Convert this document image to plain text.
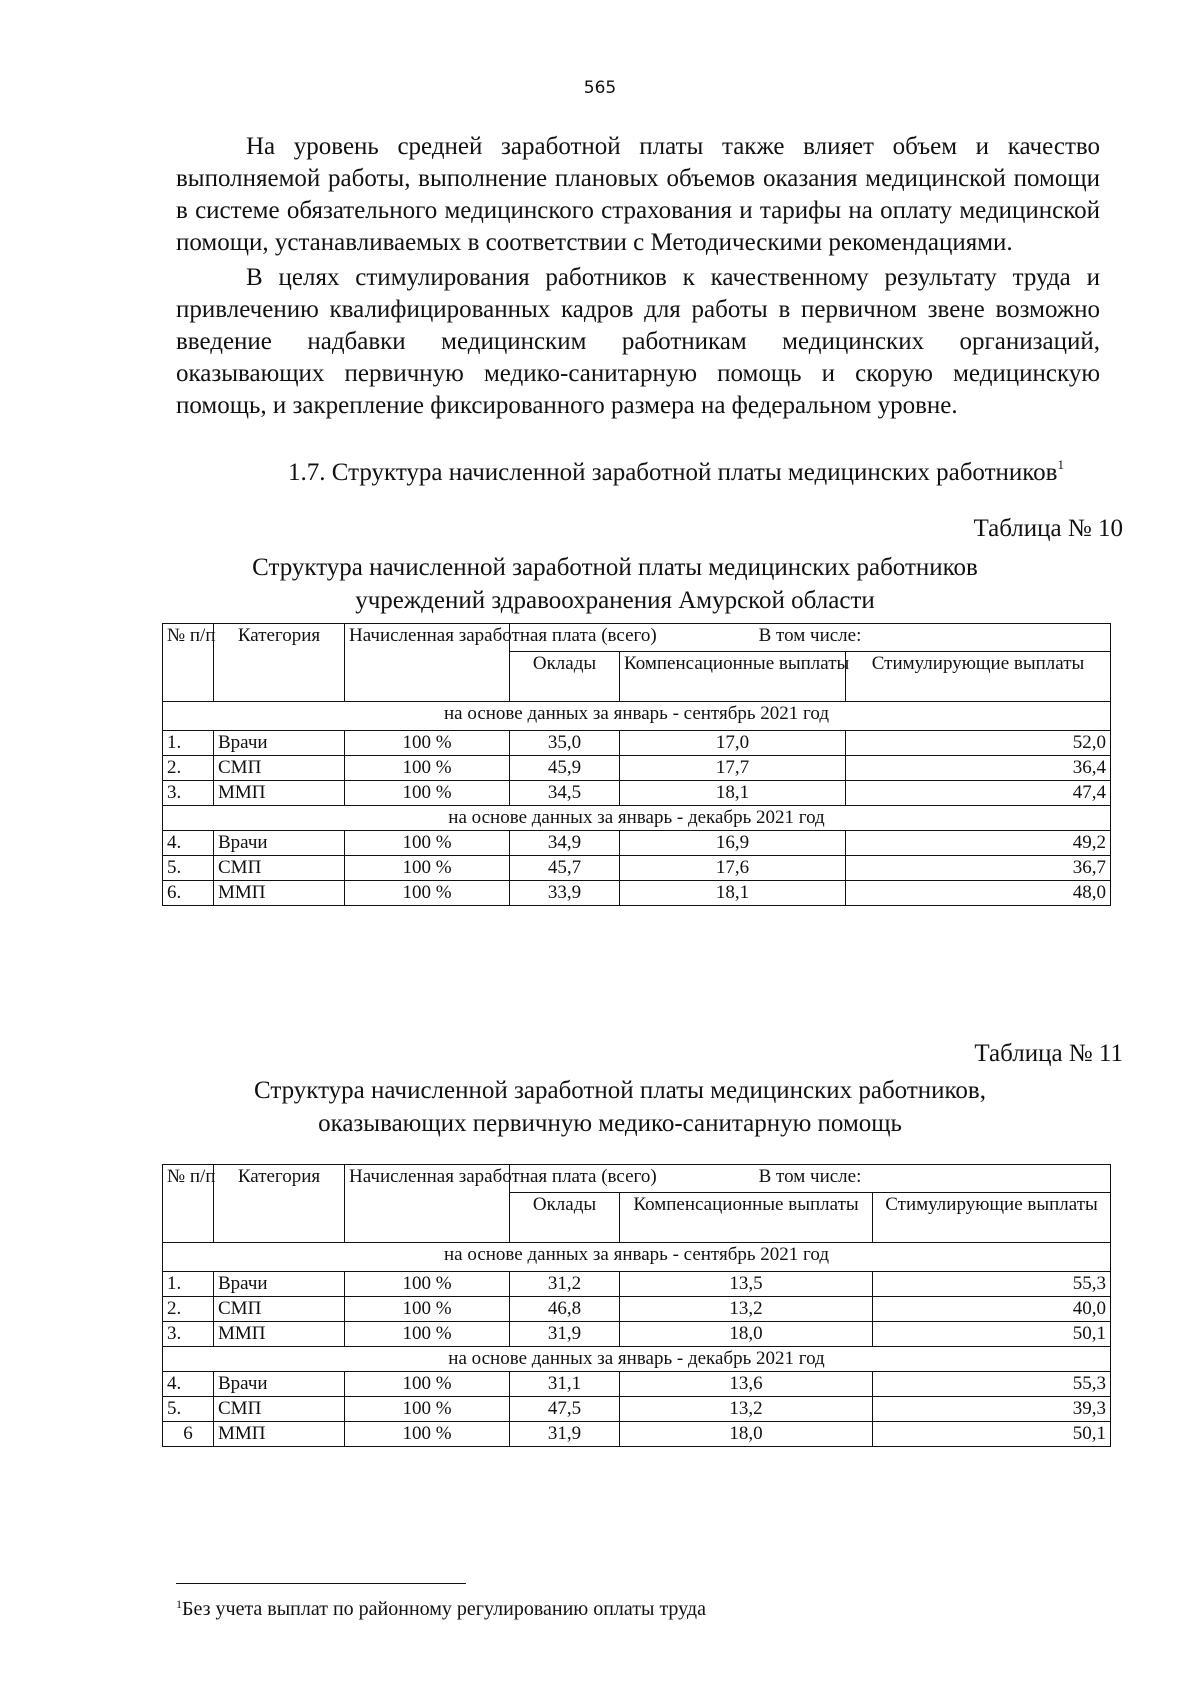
565

На уровень средней заработной платы также влияет объем и качество выполняемой работы, выполнение плановых объемов оказания медицинской помощи в системе обязательного медицинского страхования и тарифы на оплату медицинской помощи, устанавливаемых в соответствии с Методическими рекомендациями.

В целях стимулирования работников к качественному результату труда и привлечению квалифицированных кадров для работы в первичном звене возможно введение надбавки медицинским работникам медицинских организаций, оказывающих первичную медико-санитарную помощь и скорую медицинскую помощь, и закрепление фиксированного размера на федеральном уровне.

1.7. Структура начисленной заработной платы медицинских работников$^1$
Таблица № 10
Структура начисленной заработной платы медицинских работников
учреждений здравоохранения Амурской области
№ п/п	Категория	Начисленная заработная плата (всего)	В том числе:		
			Оклады	Компенсационные выплаты	Стимулирующие выплаты
на основе данных за январь - сентябрь 2021 год					
1.	Врачи	100 %	35,0	17,0	52,0
2.	СМП	100 %	45,9	17,7	36,4
3.	ММП	100 %	34,5	18,1	47,4
на основе данных за январь - декабрь 2021 год					
4.	Врачи	100 %	34,9	16,9	49,2
5.	СМП	100 %	45,7	17,6	36,7
6.	ММП	100 %	33,9	18,1	48,0
Таблица № 11
Структура начисленной заработной платы медицинских работников,
оказывающих первичную медико-санитарную помощь
№ п/п	Категория	Начисленная заработная плата (всего)	В том числе:		
			Оклады	Компенсационные выплаты	Стимулирующие выплаты
на основе данных за январь - сентябрь 2021 год					
1.	Врачи	100 %	31,2	13,5	55,3
2.	СМП	100 %	46,8	13,2	40,0
3.	ММП	100 %	31,9	18,0	50,1
на основе данных за январь - декабрь 2021 год					
4.	Врачи	100 %	31,1	13,6	55,3
5.	СМП	100 %	47,5	13,2	39,3
6	ММП	100 %	31,9	18,0	50,1
$^1$Без учета выплат по районному регулированию оплаты труда
